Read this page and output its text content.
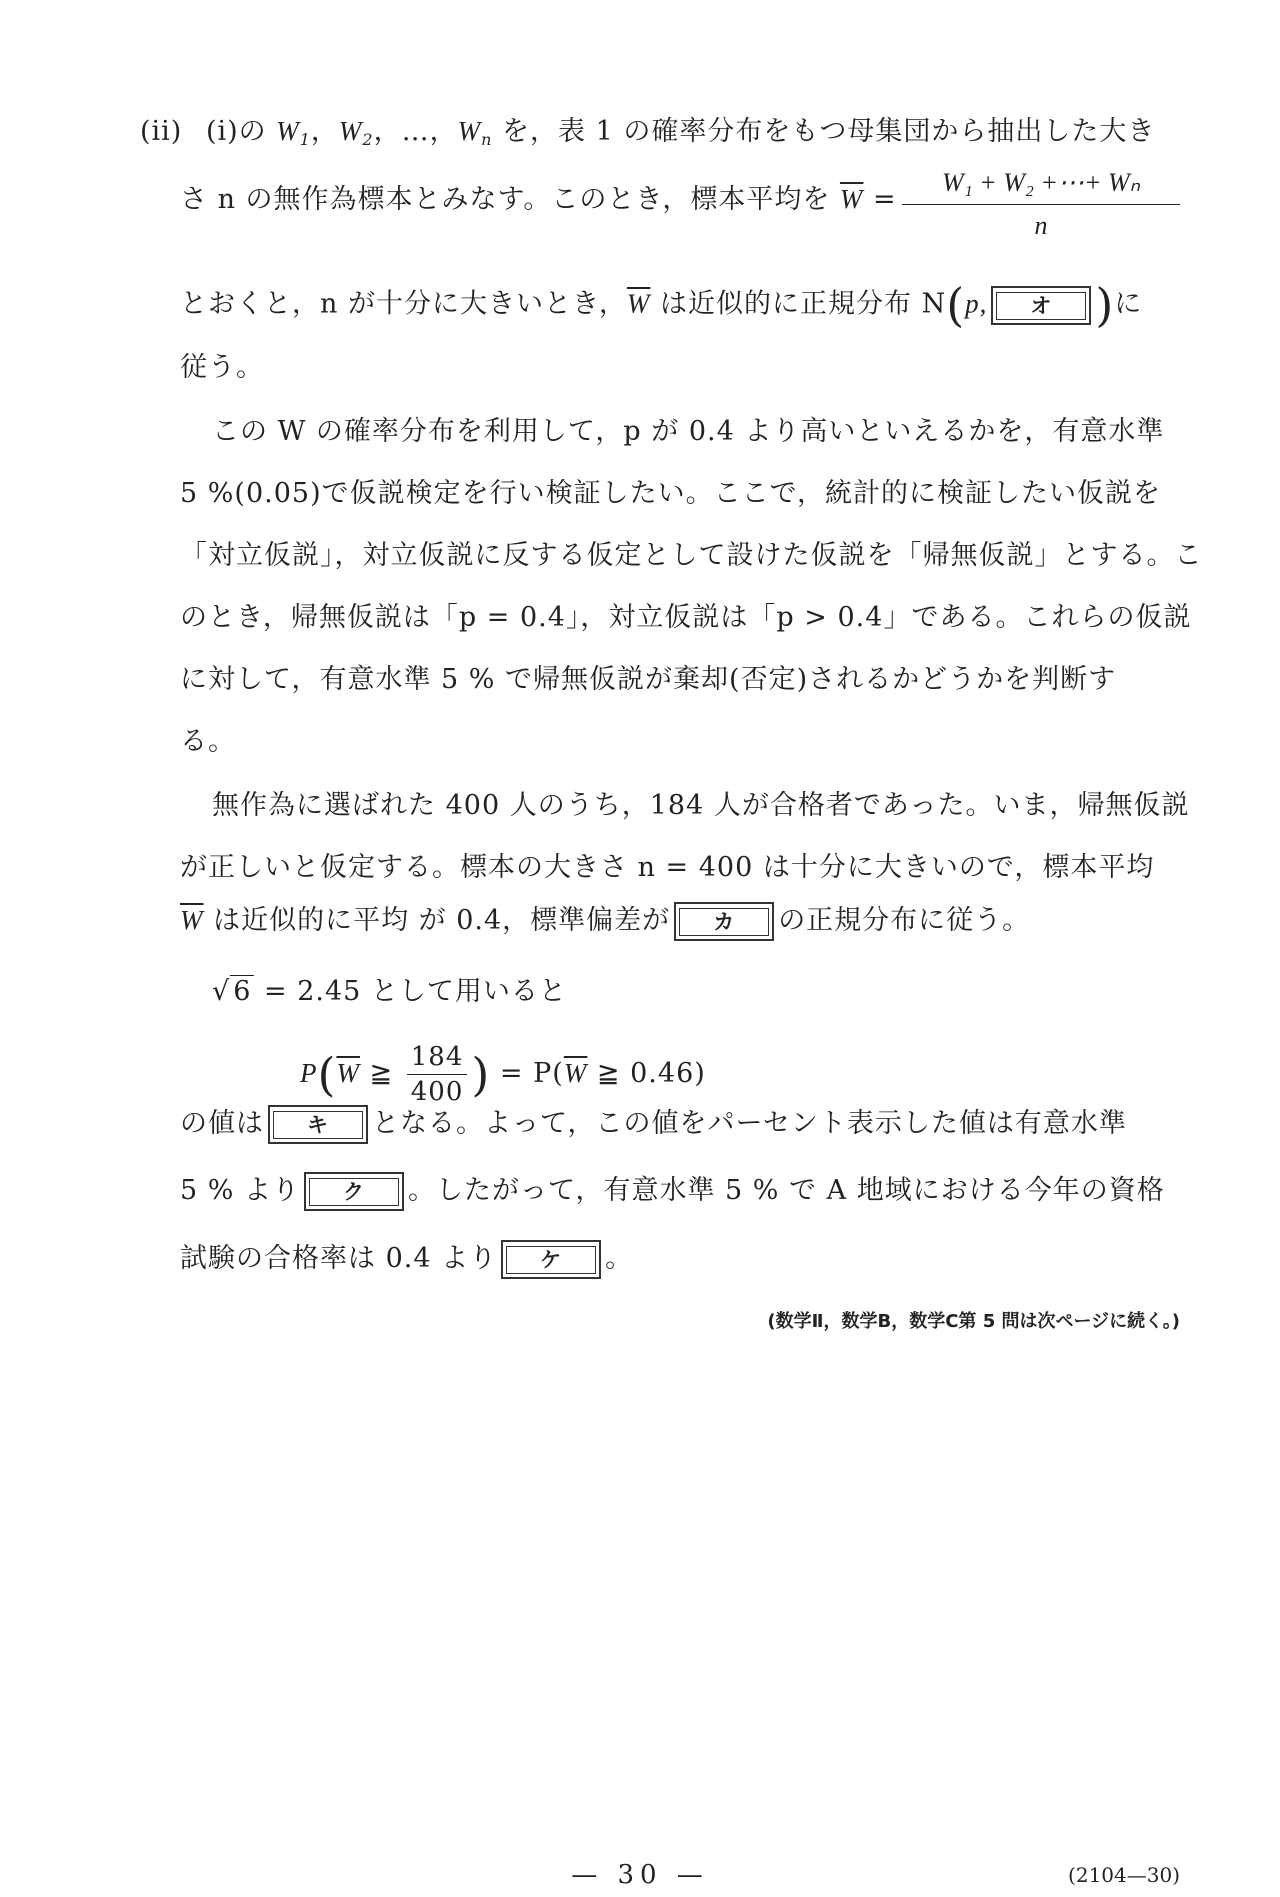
(ii) (i)の $W_1$，$W_2$，…，$W_n$ を，表 1 の確率分布をもつ母集団から抽出した大き
さ n の無作為標本とみなす。このとき，標本平均を $\overline{W} = \frac{\text{W₁ + W₂ +⋯+ Wₙ}}{n}$
とおくと，n が十分に大きいとき，$\overline{W}$ は近似的に正規分布 N(p, オ )に
従う。
この W の確率分布を利用して，p が 0.4 より高いといえるかを，有意水準
5 %(0.05)で仮説検定を行い検証したい。ここで，統計的に検証したい仮説を
「対立仮説」，対立仮説に反する仮定として設けた仮説を「帰無仮説」とする。こ
のとき，帰無仮説は「p = 0.4」，対立仮説は「p > 0.4」である。これらの仮説
に対して，有意水準 5 % で帰無仮説が棄却(否定)されるかどうかを判断す
る。
無作為に選ばれた 400 人のうち，184 人が合格者であった。いま，帰無仮説
が正しいと仮定する。標本の大きさ n = 400 は十分に大きいので，標本平均
$\overline{W}$ は近似的に平均 が 0.4，標準偏差が カ の正規分布に従う。
√ 6 = 2.45 として用いると
$P(\overline{W}$ ≧ $\frac{184}{400}$ ) = $P(\overline{W}$ ≧ 0.46)
の値は キ となる。よって，この値をパーセント表示した値は有意水準
5 % より ク 。したがって，有意水準 5 % で A 地域における今年の資格
試験の合格率は 0.4 より ケ 。
(数学Ⅱ，数学B，数学C第 5 問は次ページに続く。)
— 30 —	(2104—30)
